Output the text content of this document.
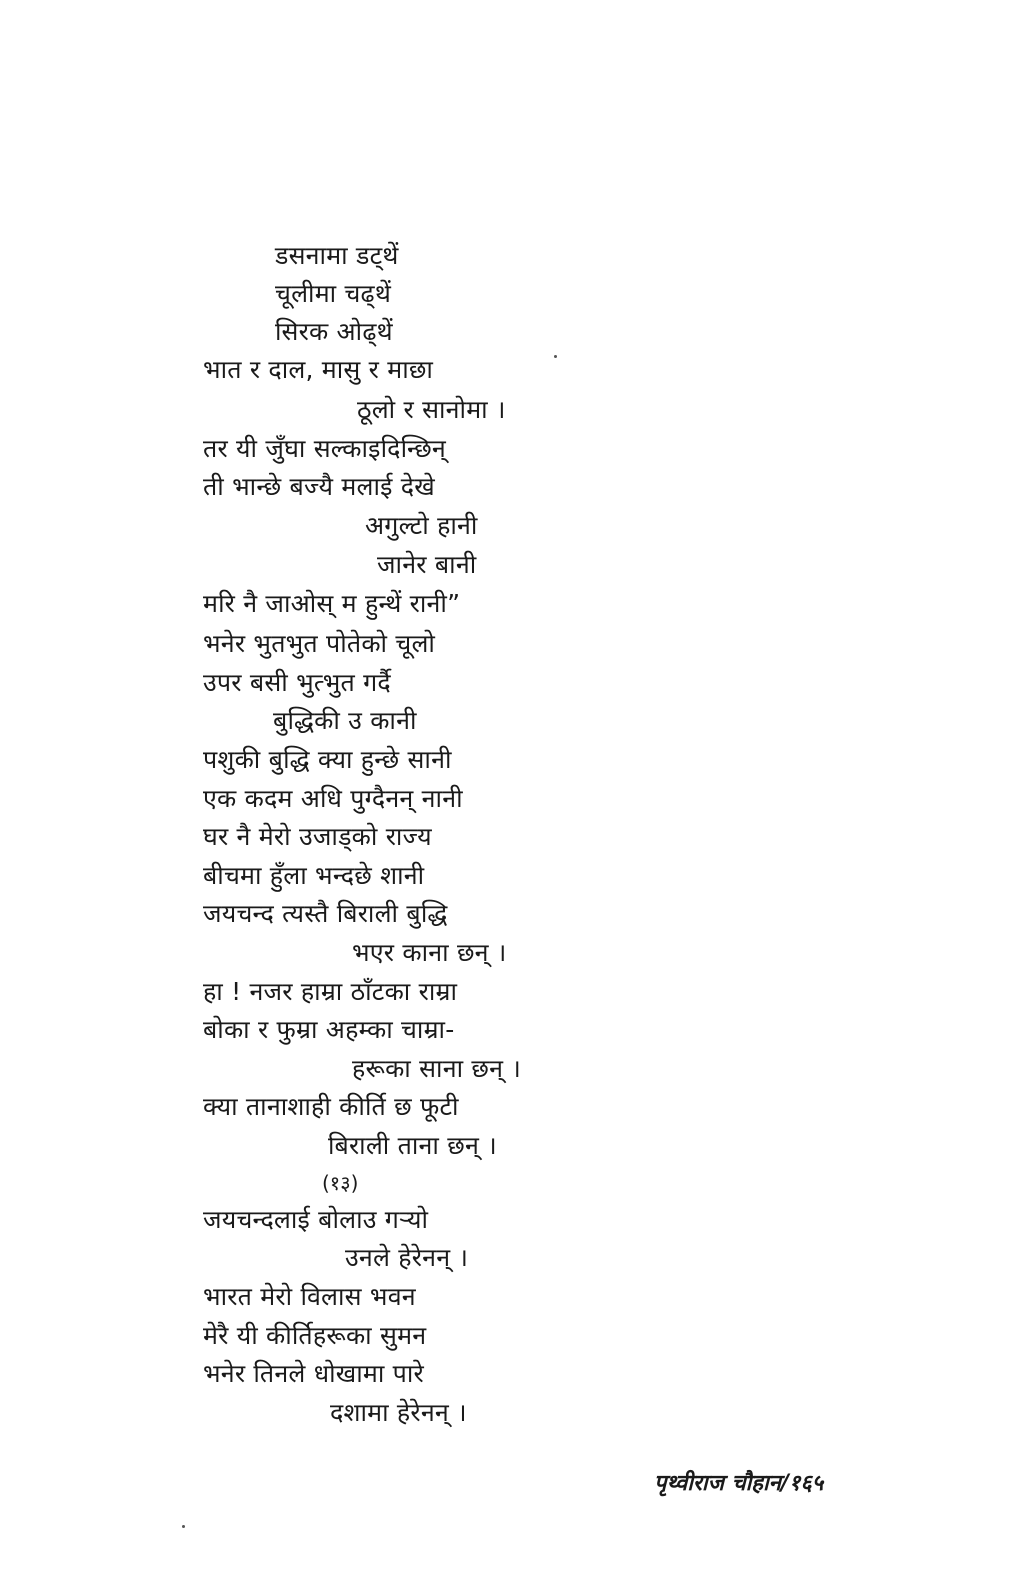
डसनामा डट्थें
चूलीमा चढ्थें
सिरक ओढ्थें
भात र दाल, मासु र माछा
ठूलो र सानोमा ।
तर यी जुँघा सल्काइदिन्छिन्
ती भान्छे बज्यै मलाई देखे
अगुल्टो हानी
जानेर बानी
मरि नै जाओस् म हुन्थें रानी”
भनेर भुतभुत पोतेको चूलो
उपर बसी भुत्भुत गर्दै
बुद्धिकी उ कानी
पशुकी बुद्धि क्या हुन्छे सानी
एक कदम अधि पुग्दैनन् नानी
घर नै मेरो उजाड्को राज्य
बीचमा हुँला भन्दछे शानी
जयचन्द त्यस्तै बिराली बुद्धि
भएर काना छन् ।
हा ! नजर हाम्रा ठाँटका राम्रा
बोका र फुम्रा अहम्का चाम्रा-
हरूका साना छन् ।
क्या तानाशाही कीर्ति छ फूटी
बिराली ताना छन् ।
(१३)
जयचन्दलाई बोलाउ गऱ्यो
उनले हेरेनन् ।
भारत मेरो विलास भवन
मेरै यी कीर्तिहरूका सुमन
भनेर तिनले धोखामा पारे
दशामा हेरेनन् ।
पृथ्वीराज चौहान/१६५
